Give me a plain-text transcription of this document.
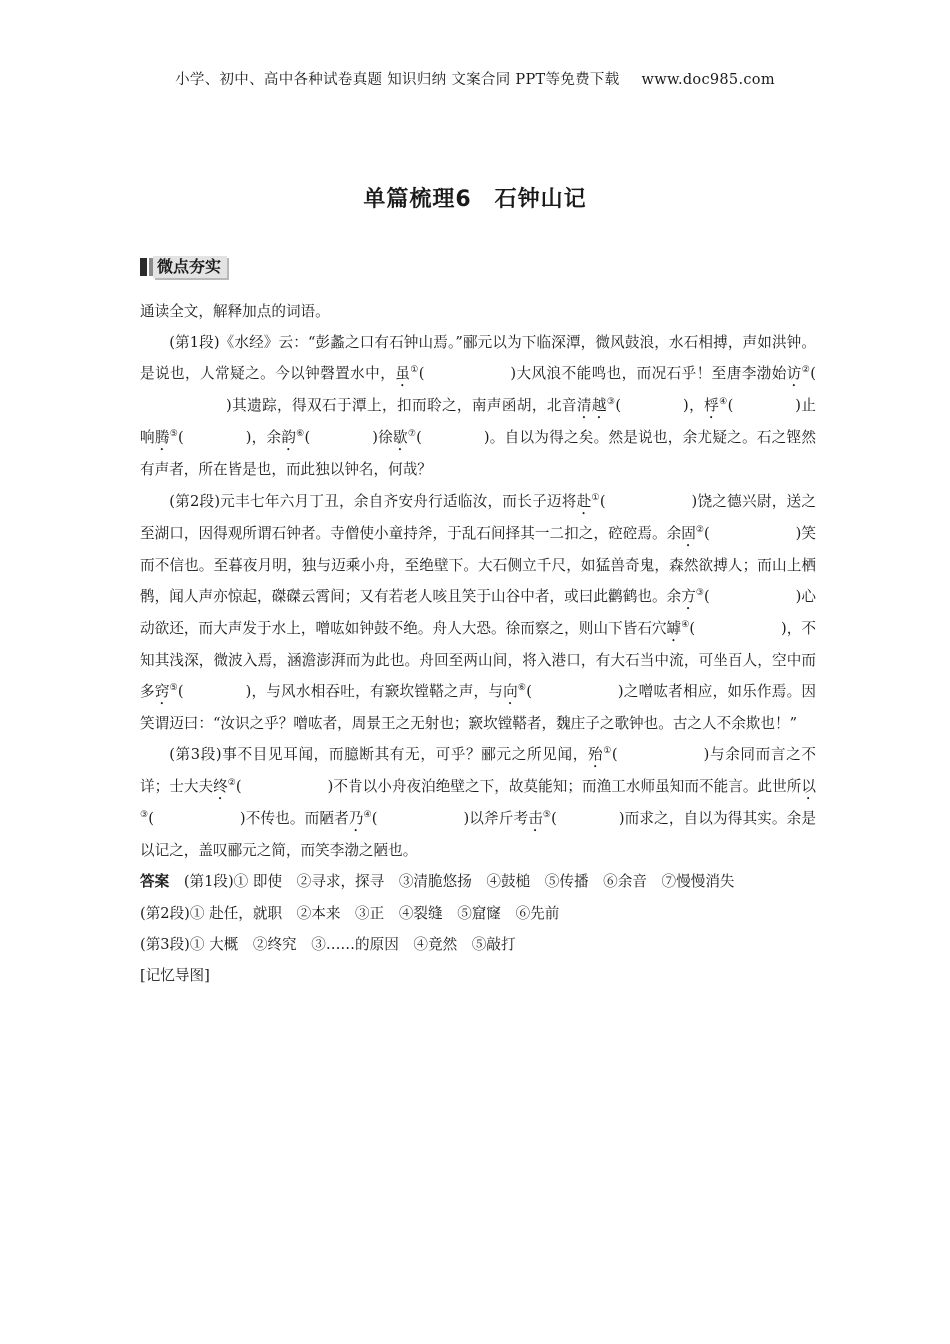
小学、初中、高中各种试卷真题 知识归纳 文案合同 PPT等免费下载 www.doc985.com
单篇梳理6　石钟山记
微点夯实

通读全文，解释加点的词语。

(第1段)《水经》云：“彭蠡之口有石钟山焉。”郦元以为下临深潭，微风鼓浪，水石相搏，声如洪钟。是说也，人常疑之。今以钟磬置水中，虽①(	)大风浪不能鸣也，而况石乎！至唐李渤始访②()其遗踪，得双石于潭上，扣而聆之，南声函胡，北音清越③(	)，桴④(	)止响腾⑤(	)，余韵⑥(	)徐歇⑦(	)。自以为得之矣。然是说也，余尤疑之。石之铿然有声者，所在皆是也，而此独以钟名，何哉？

(第2段)元丰七年六月丁丑，余自齐安舟行适临汝，而长子迈将赴①(	)饶之德兴尉，送之至湖口，因得观所谓石钟者。寺僧使小童持斧，于乱石间择其一二扣之，硿硿焉。余固②(	)笑而不信也。至暮夜月明，独与迈乘小舟，至绝壁下。大石侧立千尺，如猛兽奇鬼，森然欲搏人；而山上栖鹘，闻人声亦惊起，磔磔云霄间；又有若老人咳且笑于山谷中者，或曰此鹳鹤也。余方③(	)心动欲还，而大声发于水上，噌吰如钟鼓不绝。舟人大恐。徐而察之，则山下皆石穴罅④(	)，不知其浅深，微波入焉，涵澹澎湃而为此也。舟回至两山间，将入港口，有大石当中流，可坐百人，空中而多窍⑤(	)，与风水相吞吐，有窾坎镗鞳之声，与向⑥(	)之噌吰者相应，如乐作焉。因笑谓迈曰：“汝识之乎？噌吰者，周景王之无射也；窾坎镗鞳者，魏庄子之歌钟也。古之人不余欺也！”

(第3段)事不目见耳闻，而臆断其有无，可乎？郦元之所见闻，殆①(	)与余同而言之不详；士大夫终②(	)不肯以小舟夜泊绝壁之下，故莫能知；而渔工水师虽知而不能言。此世所以③(	)不传也。而陋者乃④(	)以斧斤考击⑤(	)而求之，自以为得其实。余是以记之，盖叹郦元之简，而笑李渤之陋也。

答案　 (第1段)① 即使　②寻求，探寻　③清脆悠扬　④鼓槌　⑤传播　⑥余音　⑦慢慢消失

(第2段)① 赴任，就职　②本来　③正　④裂缝　⑤窟窿　⑥先前

(第3段)① 大概　②终究　③……的原因　④竟然　⑤敲打

[记忆导图]
